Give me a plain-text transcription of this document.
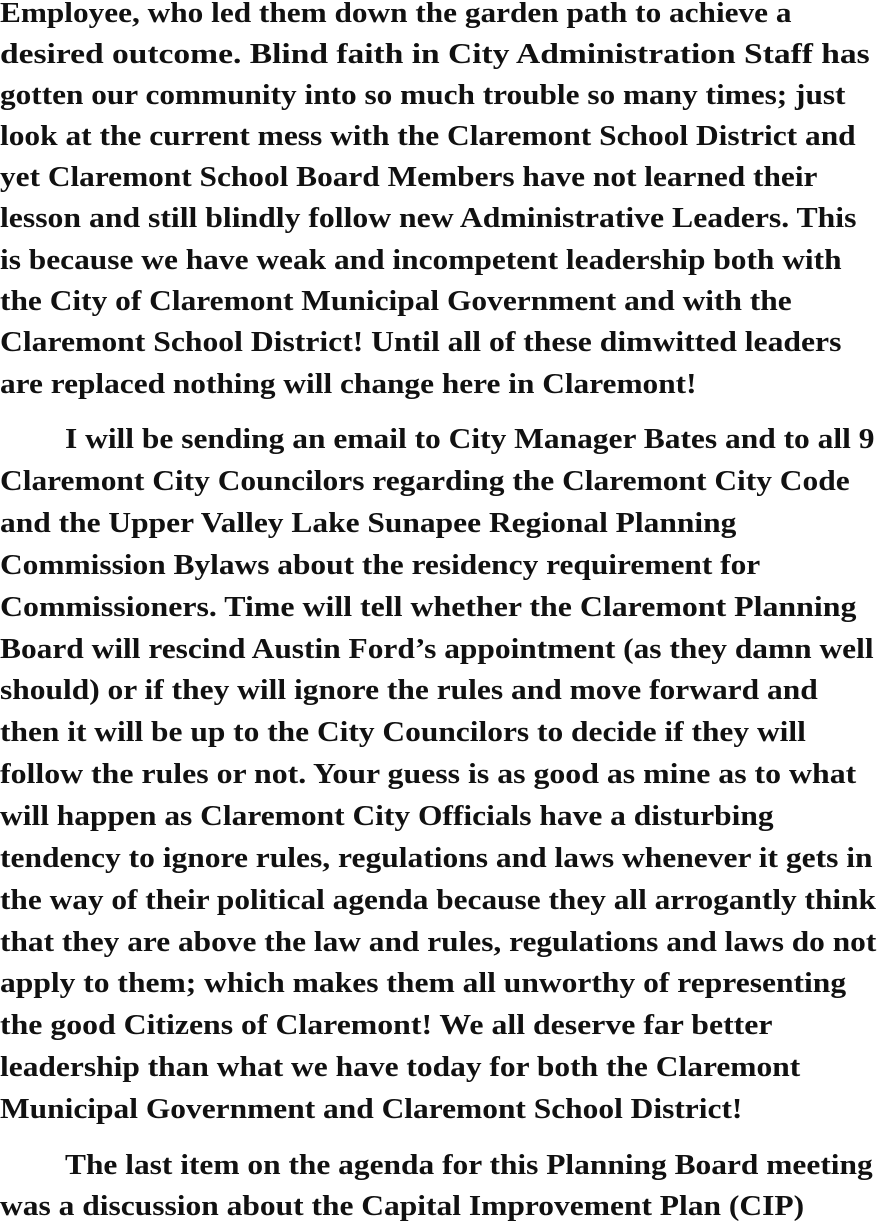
Employee, who led them down the garden path to achieve a
desired outcome. Blind faith in City Administration Staff has
gotten our community into so much trouble so many times; just
look at the current mess with the Claremont School District and
yet Claremont School Board Members have not learned their
lesson and still blindly follow new Administrative Leaders. This
is because we have weak and incompetent leadership both with
the City of Claremont Municipal Government and with the
Claremont School District! Until all of these dimwitted leaders
are replaced nothing will change here in Claremont!
I will be sending an email to City Manager Bates and to all 9
Claremont City Councilors regarding the Claremont City Code
and the Upper Valley Lake Sunapee Regional Planning
Commission Bylaws about the residency requirement for
Commissioners. Time will tell whether the Claremont Planning
Board will rescind Austin Ford’s appointment (as they damn well
should) or if they will ignore the rules and move forward and
then it will be up to the City Councilors to decide if they will
follow the rules or not. Your guess is as good as mine as to what
will happen as Claremont City Officials have a disturbing
tendency to ignore rules, regulations and laws whenever it gets in
the way of their political agenda because they all arrogantly think
that they are above the law and rules, regulations and laws do not
apply to them; which makes them all unworthy of representing
the good Citizens of Claremont! We all deserve far better
leadership than what we have today for both the Claremont
Municipal Government and Claremont School District!
The last item on the agenda for this Planning Board meeting
was a discussion about the Capital Improvement Plan (CIP)
